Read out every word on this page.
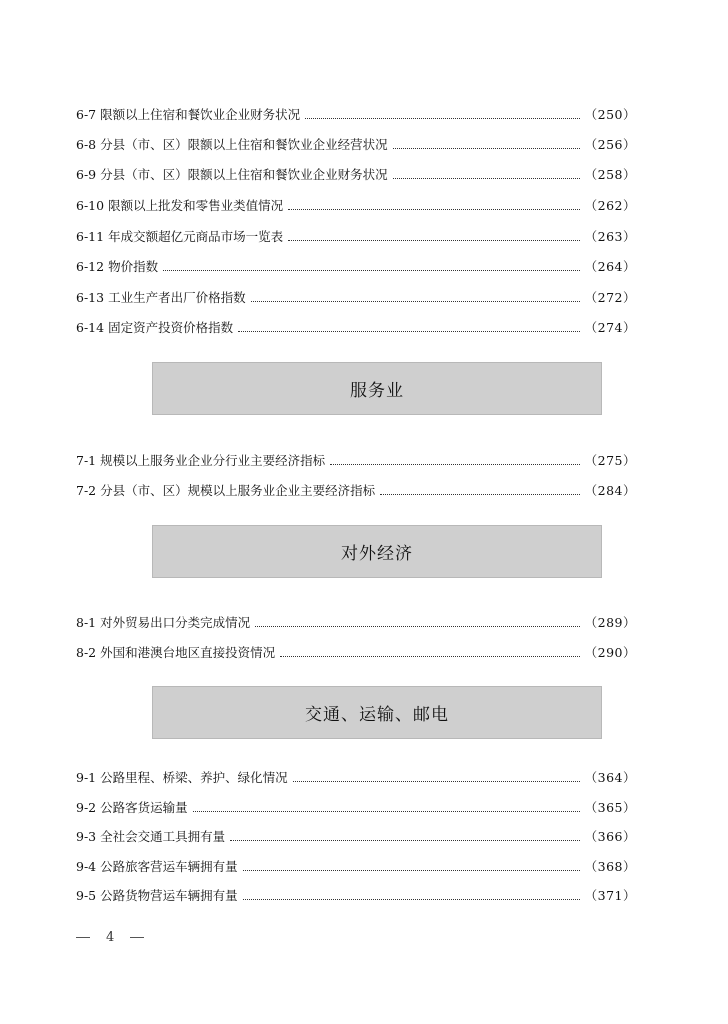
6-7 限额以上住宿和餐饮业企业财务状况	（250）
6-8 分县（市、区）限额以上住宿和餐饮业企业经营状况	（256）
6-9 分县（市、区）限额以上住宿和餐饮业企业财务状况	（258）
6-10 限额以上批发和零售业类值情况	（262）
6-11 年成交额超亿元商品市场一览表	（263）
6-12 物价指数	（264）
6-13 工业生产者出厂价格指数	（272）
6-14 固定资产投资价格指数	（274）
服务业
7-1 规模以上服务业企业分行业主要经济指标	（275）
7-2 分县（市、区）规模以上服务业企业主要经济指标	（284）
对外经济
8-1 对外贸易出口分类完成情况	（289）
8-2 外国和港澳台地区直接投资情况	（290）
交通、运输、邮电
9-1 公路里程、桥梁、养护、绿化情况	（364）
9-2 公路客货运输量	（365）
9-3 全社会交通工具拥有量	（366）
9-4 公路旅客营运车辆拥有量	（368）
9-5 公路货物营运车辆拥有量	（371）
4
